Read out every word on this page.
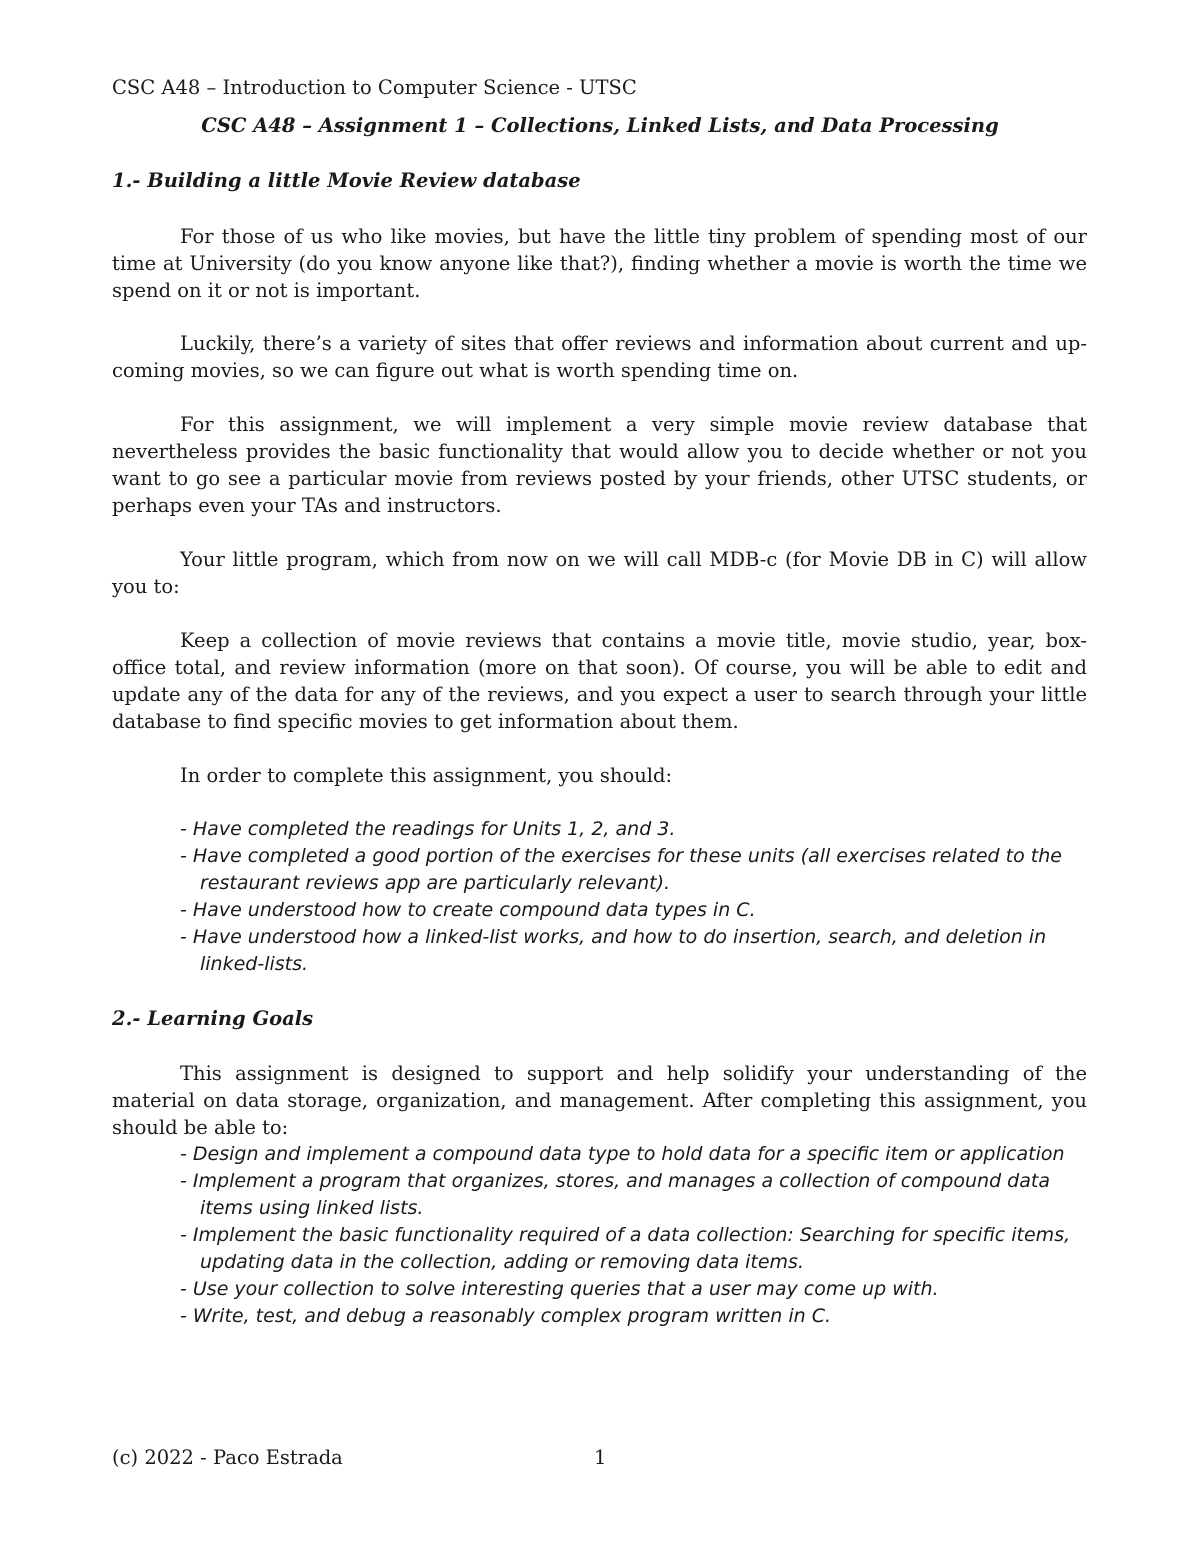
CSC A48 – Introduction to Computer Science - UTSC
CSC A48 – Assignment 1 – Collections, Linked Lists, and Data Processing
1.- Building a little Movie Review database

For those of us who like movies, but have the little tiny problem of spending most of our time at University (do you know anyone like that?), finding whether a movie is worth the time we spend on it or not is important.

Luckily, there’s a variety of sites that offer reviews and information about current and up-coming movies, so we can figure out what is worth spending time on.

For this assignment, we will implement a very simple movie review database that nevertheless provides the basic functionality that would allow you to decide whether or not you want to go see a particular movie from reviews posted by your friends, other UTSC students, or perhaps even your TAs and instructors.

Your little program, which from now on we will call MDB-c (for Movie DB in C) will allow you to:

Keep a collection of movie reviews that contains a movie title, movie studio, year, box-office total, and review information (more on that soon). Of course, you will be able to edit and update any of the data for any of the reviews, and you expect a user to search through your little database to find specific movies to get information about them.

In order to complete this assignment, you should:

- Have completed the readings for Units 1, 2, and 3.
- Have completed a good portion of the exercises for these units (all exercises related to the restaurant reviews app are particularly relevant).
- Have understood how to create compound data types in C.
- Have understood how a linked-list works, and how to do insertion, search, and deletion in linked-lists.
2.- Learning Goals

This assignment is designed to support and help solidify your understanding of the material on data storage, organization, and management. After completing this assignment, you should be able to:

- Design and implement a compound data type to hold data for a specific item or application
- Implement a program that organizes, stores, and manages a collection of compound data items using linked lists.
- Implement the basic functionality required of a data collection: Searching for specific items, updating data in the collection, adding or removing data items.
- Use your collection to solve interesting queries that a user may come up with.
- Write, test, and debug a reasonably complex program written in C.
(c) 2022 - Paco Estrada	1
